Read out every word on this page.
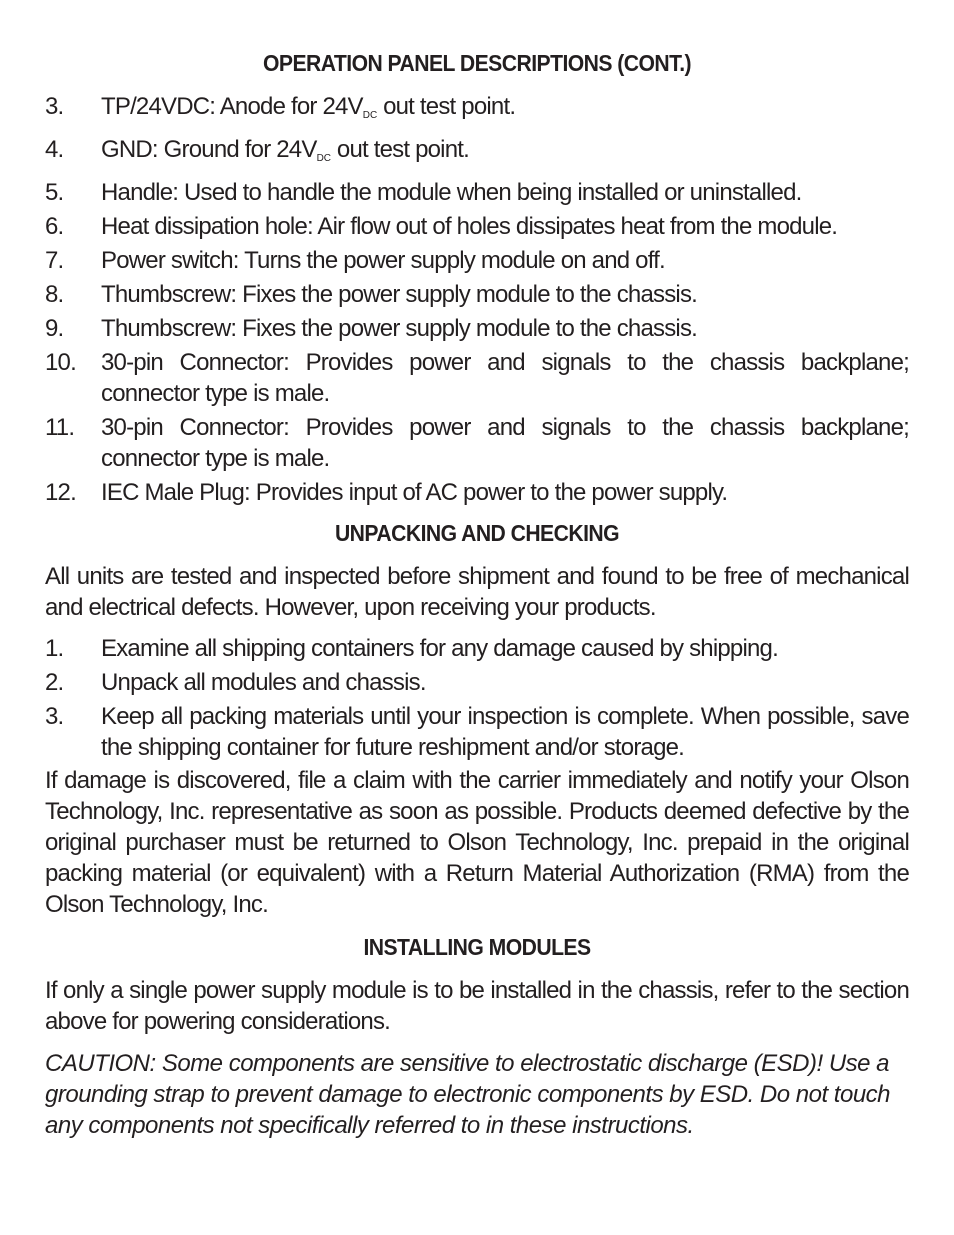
OPERATION PANEL DESCRIPTIONS (CONT.)
3.	TP/24VDC: Anode for $24V_{DC}$ out test point.
4.	GND: Ground for $24V_{DC}$ out test point.
5.	Handle: Used to handle the module when being installed or uninstalled.
6.	Heat dissipation hole: Air flow out of holes dissipates heat from the module.
7.	Power switch: Turns the power supply module on and off.
8.	Thumbscrew: Fixes the power supply module to the chassis.
9.	Thumbscrew: Fixes the power supply module to the chassis.
10.	30-pin Connector: Provides power and signals to the chassis backplane; connector type is male.
11.	30-pin Connector: Provides power and signals to the chassis backplane; connector type is male.
12.	IEC Male Plug: Provides input of AC power to the power supply.
UNPACKING AND CHECKING

All units are tested and inspected before shipment and found to be free of mechanical and electrical defects. However, upon receiving your products.

1.	Examine all shipping containers for any damage caused by shipping.
2.	Unpack all modules and chassis.
3.	Keep all packing materials until your inspection is complete. When possible, save the shipping container for future reshipment and/or storage.

If damage is discovered, file a claim with the carrier immediately and notify your Olson Technology, Inc. representative as soon as possible. Products deemed defective by the original purchaser must be returned to Olson Technology, Inc. prepaid in the original packing material (or equivalent) with a Return Material Authorization (RMA) from the Olson Technology, Inc.

INSTALLING MODULES

If only a single power supply module is to be installed in the chassis, refer to the section above for powering considerations.

CAUTION: Some components are sensitive to electrostatic discharge (ESD)! Use a grounding strap to prevent damage to electronic components by ESD. Do not touch any components not specifically referred to in these instructions.
